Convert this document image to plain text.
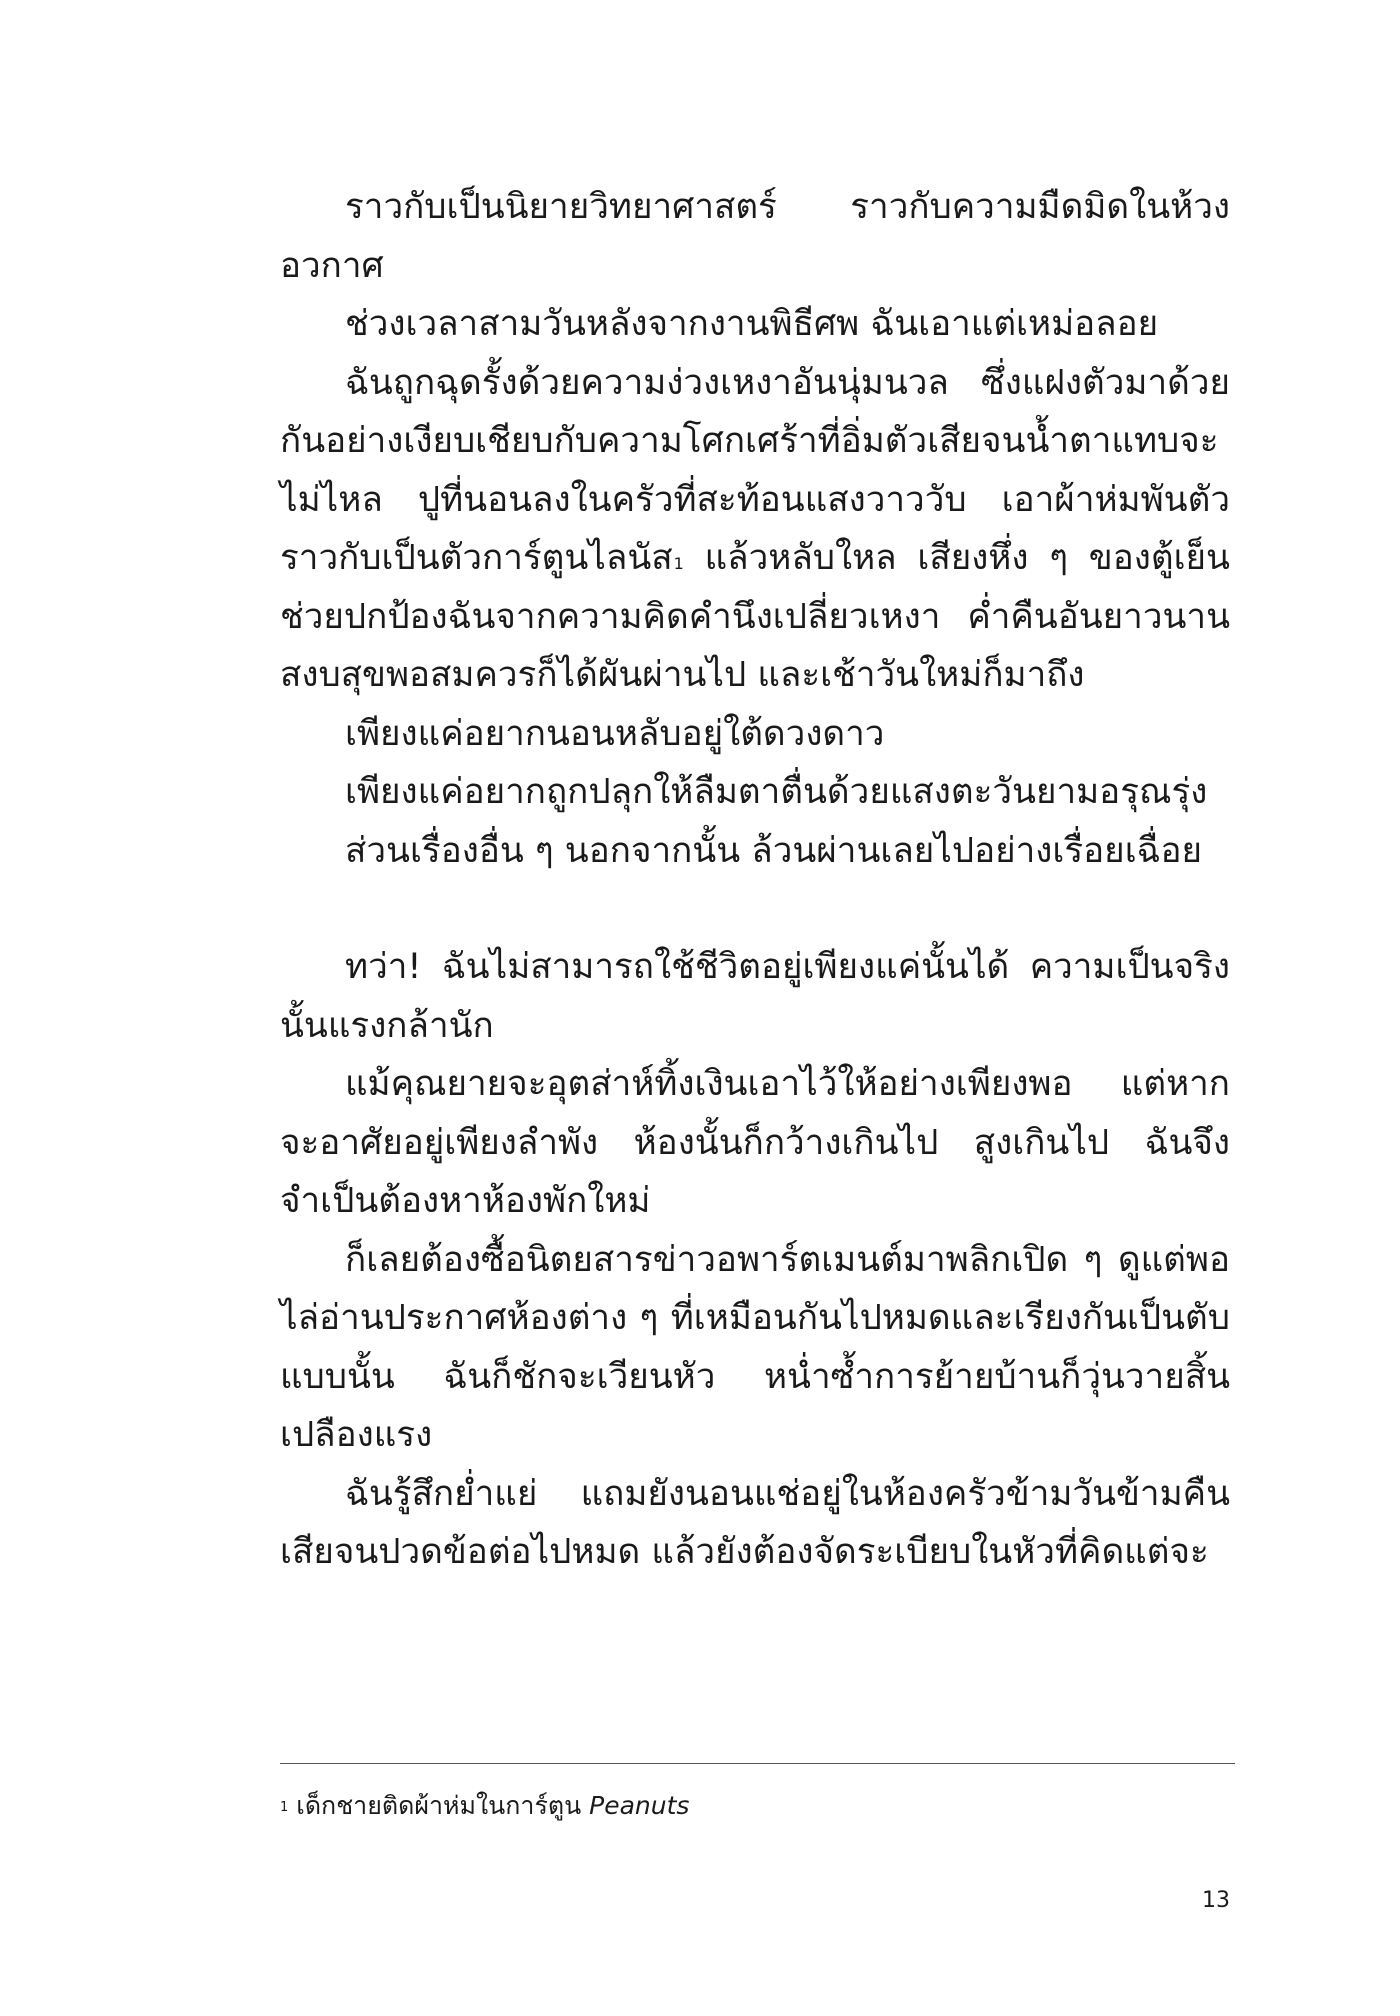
ราวกับเป็นนิยายวิทยาศาสตร์ ราวกับความมืดมิดในห้วงอวกาศ

ช่วงเวลาสามวันหลังจากงานพิธีศพ ฉันเอาแต่เหม่อลอย

ฉันถูกฉุดรั้งด้วยความง่วงเหงาอันนุ่มนวล ซึ่งแฝงตัวมาด้วยกันอย่างเงียบเชียบกับความโศกเศร้าที่อิ่มตัวเสียจนน้ำตาแทบจะไม่ไหล ปูที่นอนลงในครัวที่สะท้อนแสงวาววับ เอาผ้าห่มพันตัวราวกับเป็นตัวการ์ตูนไลนัส$^1$ แล้วหลับใหล เสียงหึ่ง ๆ ของตู้เย็นช่วยปกป้องฉันจากความคิดคำนึงเปลี่ยวเหงา ค่ำคืนอันยาวนานสงบสุขพอสมควรก็ได้ผันผ่านไป และเช้าวันใหม่ก็มาถึง

เพียงแค่อยากนอนหลับอยู่ใต้ดวงดาว

เพียงแค่อยากถูกปลุกให้ลืมตาตื่นด้วยแสงตะวันยามอรุณรุ่ง

ส่วนเรื่องอื่น ๆ นอกจากนั้น ล้วนผ่านเลยไปอย่างเรื่อยเฉื่อย

ทว่า! ฉันไม่สามารถใช้ชีวิตอยู่เพียงแค่นั้นได้ ความเป็นจริงนั้นแรงกล้านัก

แม้คุณยายจะอุตส่าห์ทิ้งเงินเอาไว้ให้อย่างเพียงพอ แต่หากจะอาศัยอยู่เพียงลำพัง ห้องนั้นก็กว้างเกินไป สูงเกินไป ฉันจึงจำเป็นต้องหาห้องพักใหม่

ก็เลยต้องซื้อนิตยสารข่าวอพาร์ตเมนต์มาพลิกเปิด ๆ ดูแต่พอไล่อ่านประกาศห้องต่าง ๆ ที่เหมือนกันไปหมดและเรียงกันเป็นตับแบบนั้น ฉันก็ชักจะเวียนหัว หน่ำซ้ำการย้ายบ้านก็วุ่นวายสิ้นเปลืองแรง

ฉันรู้สึกย่ำแย่ แถมยังนอนแช่อยู่ในห้องครัวข้ามวันข้ามคืนเสียจนปวดข้อต่อไปหมด แล้วยังต้องจัดระเบียบในหัวที่คิดแต่จะ

$^1$ เด็กชายติดผ้าห่มในการ์ตูน Peanuts
13
